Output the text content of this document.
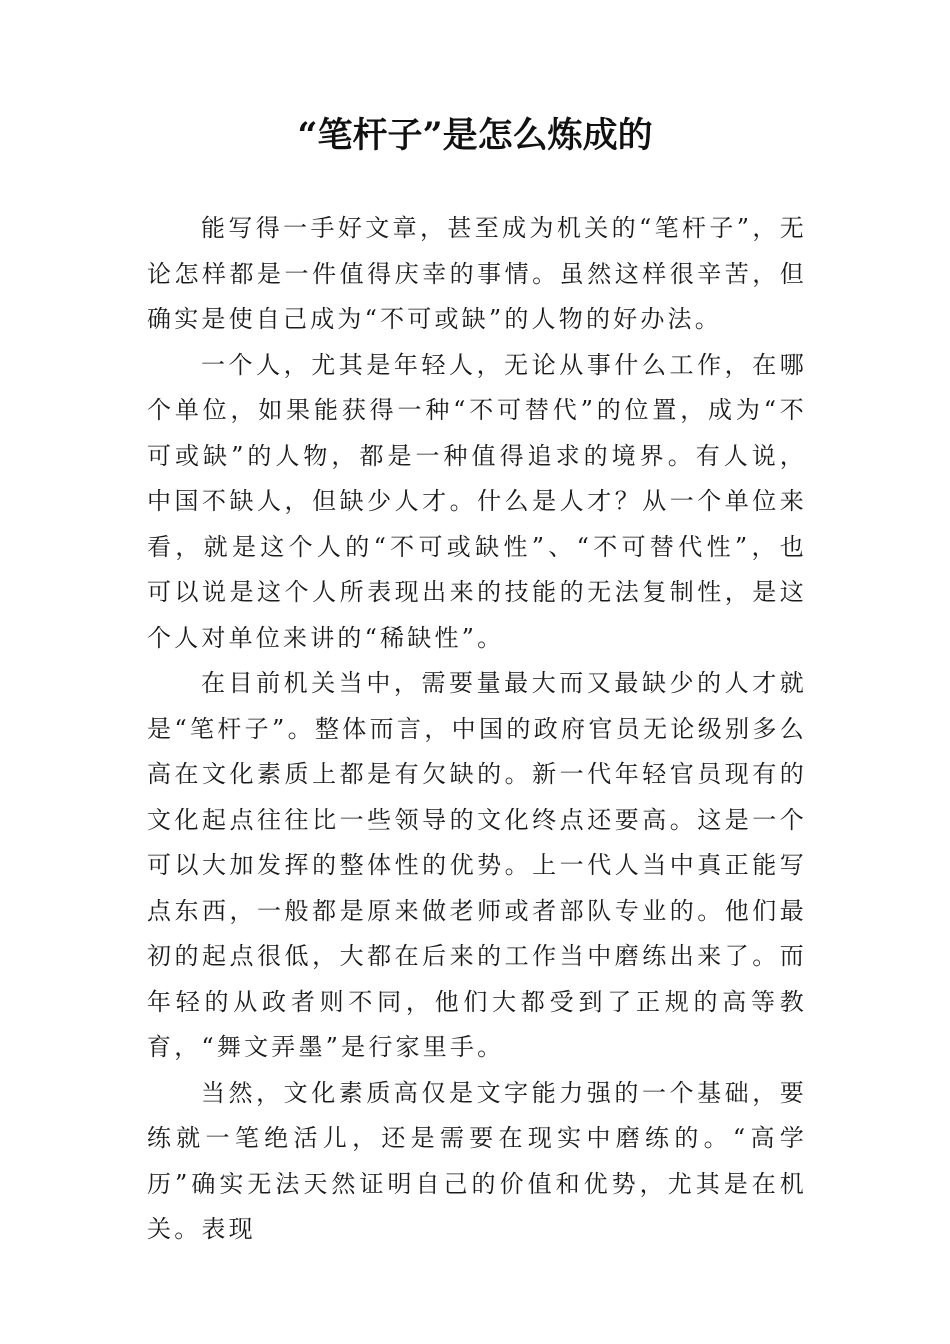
“笔杆子”是怎么炼成的

能写得一手好文章，甚至成为机关的“笔杆子”，无论怎样都是一件值得庆幸的事情。虽然这样很辛苦，但确实是使自己成为“不可或缺”的人物的好办法。

一个人，尤其是年轻人，无论从事什么工作，在哪个单位，如果能获得一种“不可替代”的位置，成为“不可或缺”的人物，都是一种值得追求的境界。有人说，中国不缺人，但缺少人才。什么是人才？从一个单位来看，就是这个人的“不可或缺性”、“不可替代性”，也可以说是这个人所表现出来的技能的无法复制性，是这个人对单位来讲的“稀缺性”。

在目前机关当中，需要量最大而又最缺少的人才就是“笔杆子”。整体而言，中国的政府官员无论级别多么高在文化素质上都是有欠缺的。新一代年轻官员现有的文化起点往往比一些领导的文化终点还要高。这是一个可以大加发挥的整体性的优势。上一代人当中真正能写点东西，一般都是原来做老师或者部队专业的。他们最初的起点很低，大都在后来的工作当中磨练出来了。而年轻的从政者则不同，他们大都受到了正规的高等教育，“舞文弄墨”是行家里手。

当然，文化素质高仅是文字能力强的一个基础，要练就一笔绝活儿，还是需要在现实中磨练的。“高学历”确实无法天然证明自己的价值和优势，尤其是在机关。表现
